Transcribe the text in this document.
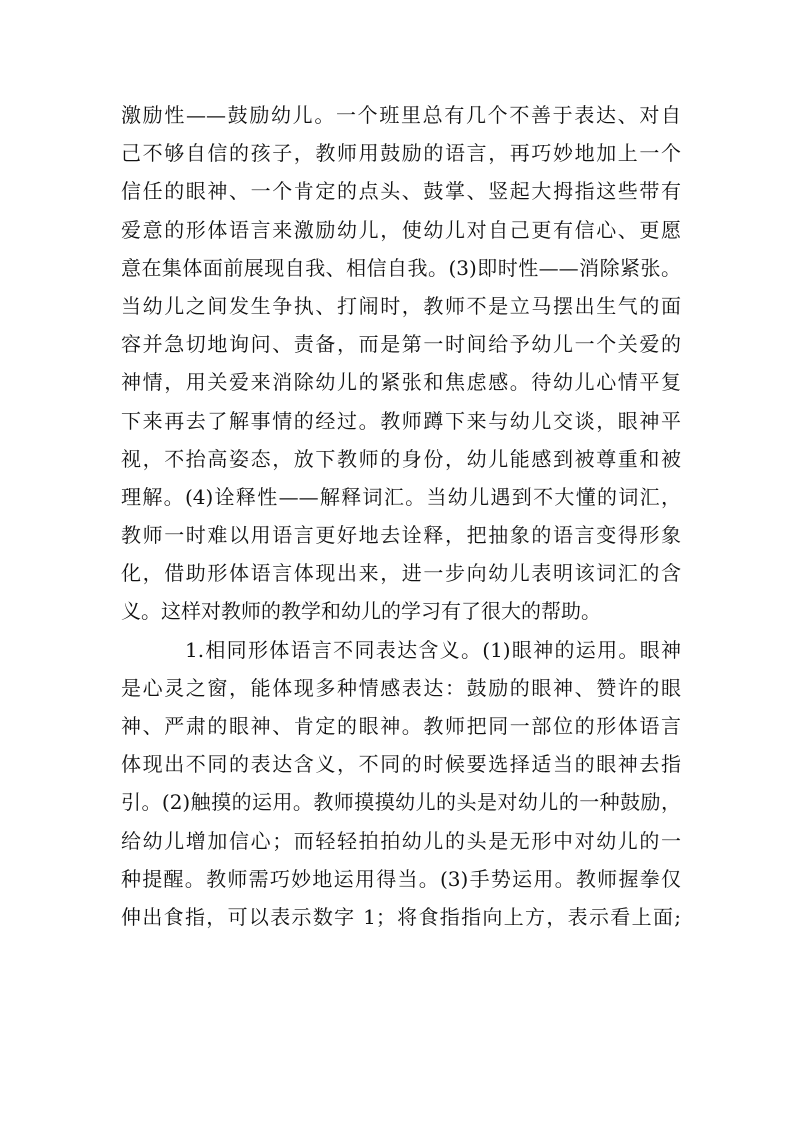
激励性——鼓励幼儿。一个班里总有几个不善于表达、对自
己不够自信的孩子，教师用鼓励的语言，再巧妙地加上一个
信任的眼神、一个肯定的点头、鼓掌、竖起大拇指这些带有
爱意的形体语言来激励幼儿，使幼儿对自己更有信心、更愿
意在集体面前展现自我、相信自我。(3)即时性——消除紧张。
当幼儿之间发生争执、打闹时，教师不是立马摆出生气的面
容并急切地询问、责备，而是第一时间给予幼儿一个关爱的
神情，用关爱来消除幼儿的紧张和焦虑感。待幼儿心情平复
下来再去了解事情的经过。教师蹲下来与幼儿交谈，眼神平
视，不抬高姿态，放下教师的身份，幼儿能感到被尊重和被
理解。(4)诠释性——解释词汇。当幼儿遇到不大懂的词汇，
教师一时难以用语言更好地去诠释，把抽象的语言变得形象
化，借助形体语言体现出来，进一步向幼儿表明该词汇的含
义。这样对教师的教学和幼儿的学习有了很大的帮助。
1.相同形体语言不同表达含义。(1)眼神的运用。眼神
是心灵之窗，能体现多种情感表达：鼓励的眼神、赞许的眼
神、严肃的眼神、肯定的眼神。教师把同一部位的形体语言
体现出不同的表达含义，不同的时候要选择适当的眼神去指
引。(2)触摸的运用。教师摸摸幼儿的头是对幼儿的一种鼓励，
给幼儿增加信心；而轻轻拍拍幼儿的头是无形中对幼儿的一
种提醒。教师需巧妙地运用得当。(3)手势运用。教师握拳仅
伸出食指，可以表示数字 1；将食指指向上方，表示看上面;
